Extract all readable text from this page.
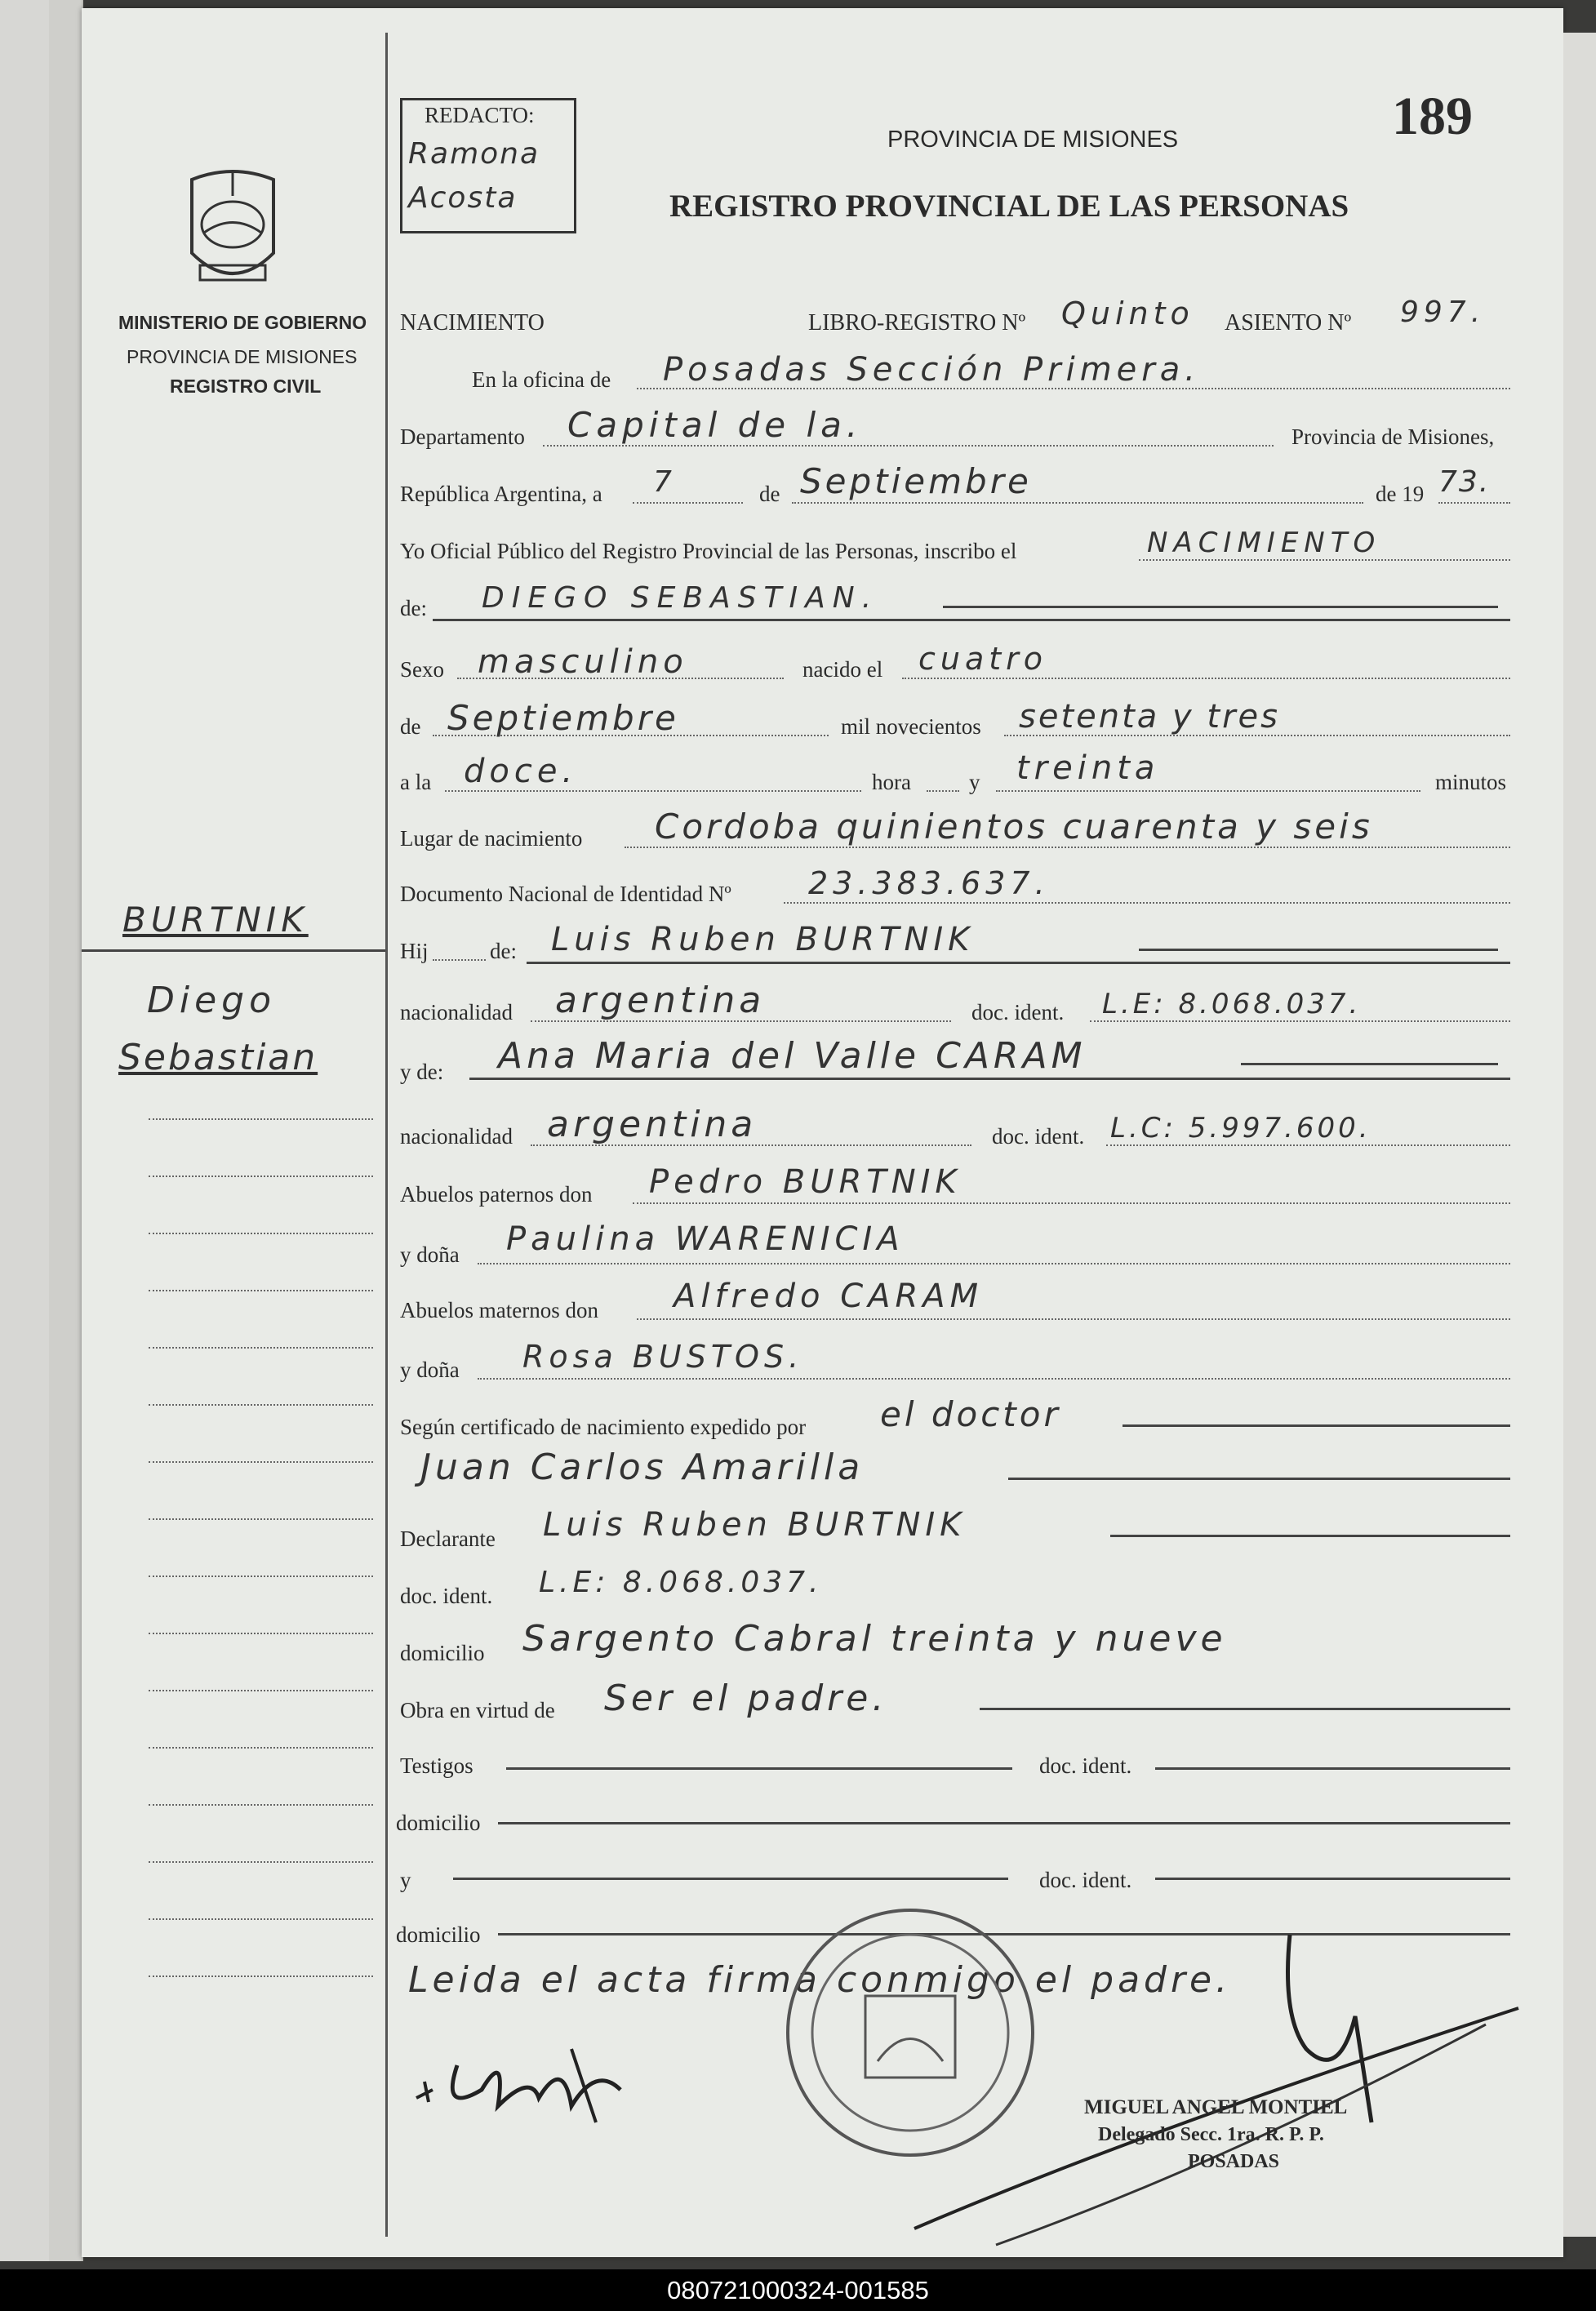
REDACTO:
Ramona
Acosta
189
PROVINCIA DE MISIONES
REGISTRO PROVINCIAL DE LAS PERSONAS
MINISTERIO DE GOBIERNO
PROVINCIA DE MISIONES
REGISTRO CIVIL
BURTNIK
Diego
Sebastian
NACIMIENTO	LIBRO-REGISTRO Nº Quinto ASIENTO Nº 997.
En la oficina de Posadas Sección Primera.
Departamento Capital de la.	Provincia de Misiones,
República Argentina, a 7	de Septiembre	de 19 73.
Yo Oficial Público del Registro Provincial de las Personas, inscribo el	NACIMIENTO
de: DIEGO SEBASTIAN.
Sexo masculino	nacido el cuatro
de Septiembre	mil novecientos setenta y tres
a la doce.	hora	y treinta	minutos
Lugar de nacimiento Cordoba quinientos cuarenta y seis
Documento Nacional de Identidad Nº 23.383.637.
Hij	de: Luis Ruben BURTNIK
nacionalidad argentina	doc. ident. L.E: 8.068.037.
y de: Ana Maria del Valle CARAM
nacionalidad argentina	doc. ident. L.C: 5.997.600.
Abuelos paternos don Pedro BURTNIK
y doña Paulina WARENICIA
Abuelos maternos don Alfredo CARAM
y doña Rosa BUSTOS.
Según certificado de nacimiento expedido por el doctor
Juan Carlos Amarilla
Declarante Luis Ruben BURTNIK
doc. ident. L.E: 8.068.037.
domicilio Sargento Cabral treinta y nueve
Obra en virtud de Ser el padre.
Testigos	doc. ident.
domicilio
y	doc. ident.
domicilio
Leida el acta firma conmigo el padre.
MIGUEL ANGEL MONTIEL
Delegado Secc. 1ra. R. P. P.
POSADAS
080721000324-001585
